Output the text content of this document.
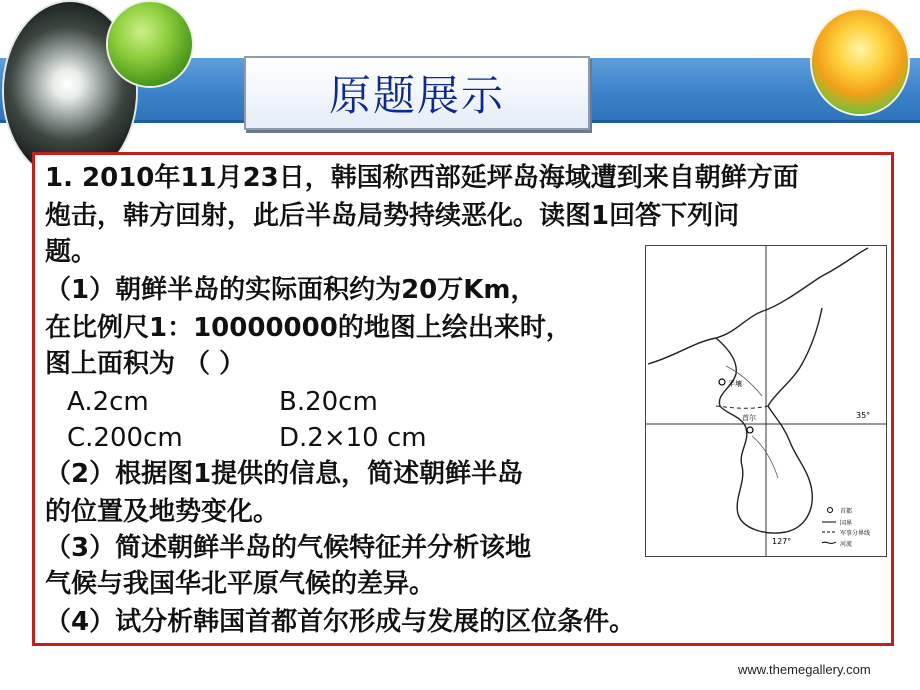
原题展示
1. 2010年11月23日，韩国称西部延坪岛海域遭到来自朝鲜方面
炮击，韩方回射，此后半岛局势持续恶化。读图1回答下列问
题。
（1）朝鲜半岛的实际面积约为20万Km，
在比例尺1：10000000的地图上绘出来时，
图上面积为 （ ）
A.2cm	B.20cm
C.200cm	D.2×10 cm
（2）根据图1提供的信息，简述朝鲜半岛
的位置及地势变化。
（3）简述朝鲜半岛的气候特征并分析该地
气候与我国华北平原气候的差异。
（4）试分析韩国首都首尔形成与发展的区位条件。
平壤
首尔	35°
127°
首都
国界
军事分界线
河流
www.themegallery.com
